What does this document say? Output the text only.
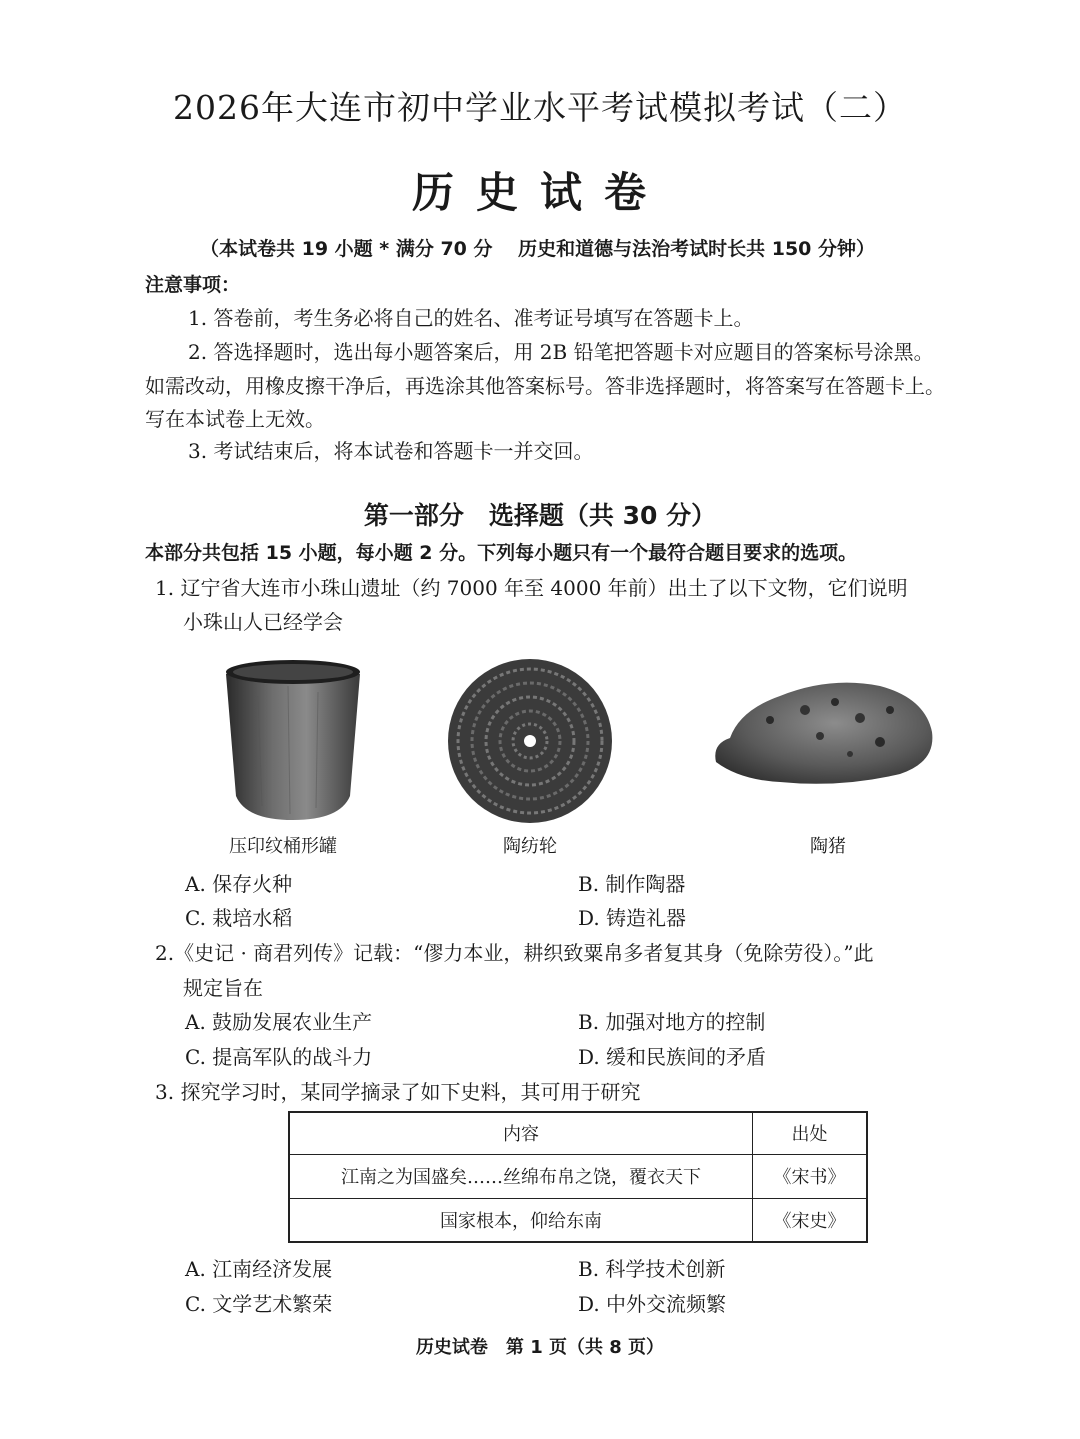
2026年大连市初中学业水平考试模拟考试（二）
历史试卷
（本试卷共 19 小题 * 满分 70 分　 历史和道德与法治考试时长共 150 分钟）
注意事项：
1. 答卷前，考生务必将自己的姓名、准考证号填写在答题卡上。
2. 答选择题时，选出每小题答案后，用 2B 铅笔把答题卡对应题目的答案标号涂黑。
如需改动，用橡皮擦干净后，再选涂其他答案标号。答非选择题时，将答案写在答题卡上。
写在本试卷上无效。
3. 考试结束后，将本试卷和答题卡一并交回。
第一部分　选择题（共 30 分）
本部分共包括 15 小题，每小题 2 分。下列每小题只有一个最符合题目要求的选项。
1. 辽宁省大连市小珠山遗址（约 7000 年至 4000 年前）出土了以下文物，它们说明
小珠山人已经学会
压印纹桶形罐	陶纺轮	陶猪
A. 保存火种	B. 制作陶器
C. 栽培水稻	D. 铸造礼器
2.《史记 · 商君列传》记载：“僇力本业，耕织致粟帛多者复其身（免除劳役）。”此
规定旨在
A. 鼓励发展农业生产	B. 加强对地方的控制
C. 提高军队的战斗力	D. 缓和民族间的矛盾
3. 探究学习时，某同学摘录了如下史料，其可用于研究
内容	出处
江南之为国盛矣……丝绵布帛之饶，覆衣天下	《宋书》
国家根本，仰给东南	《宋史》
A. 江南经济发展	B. 科学技术创新
C. 文学艺术繁荣	D. 中外交流频繁
历史试卷　第 1 页（共 8 页）
